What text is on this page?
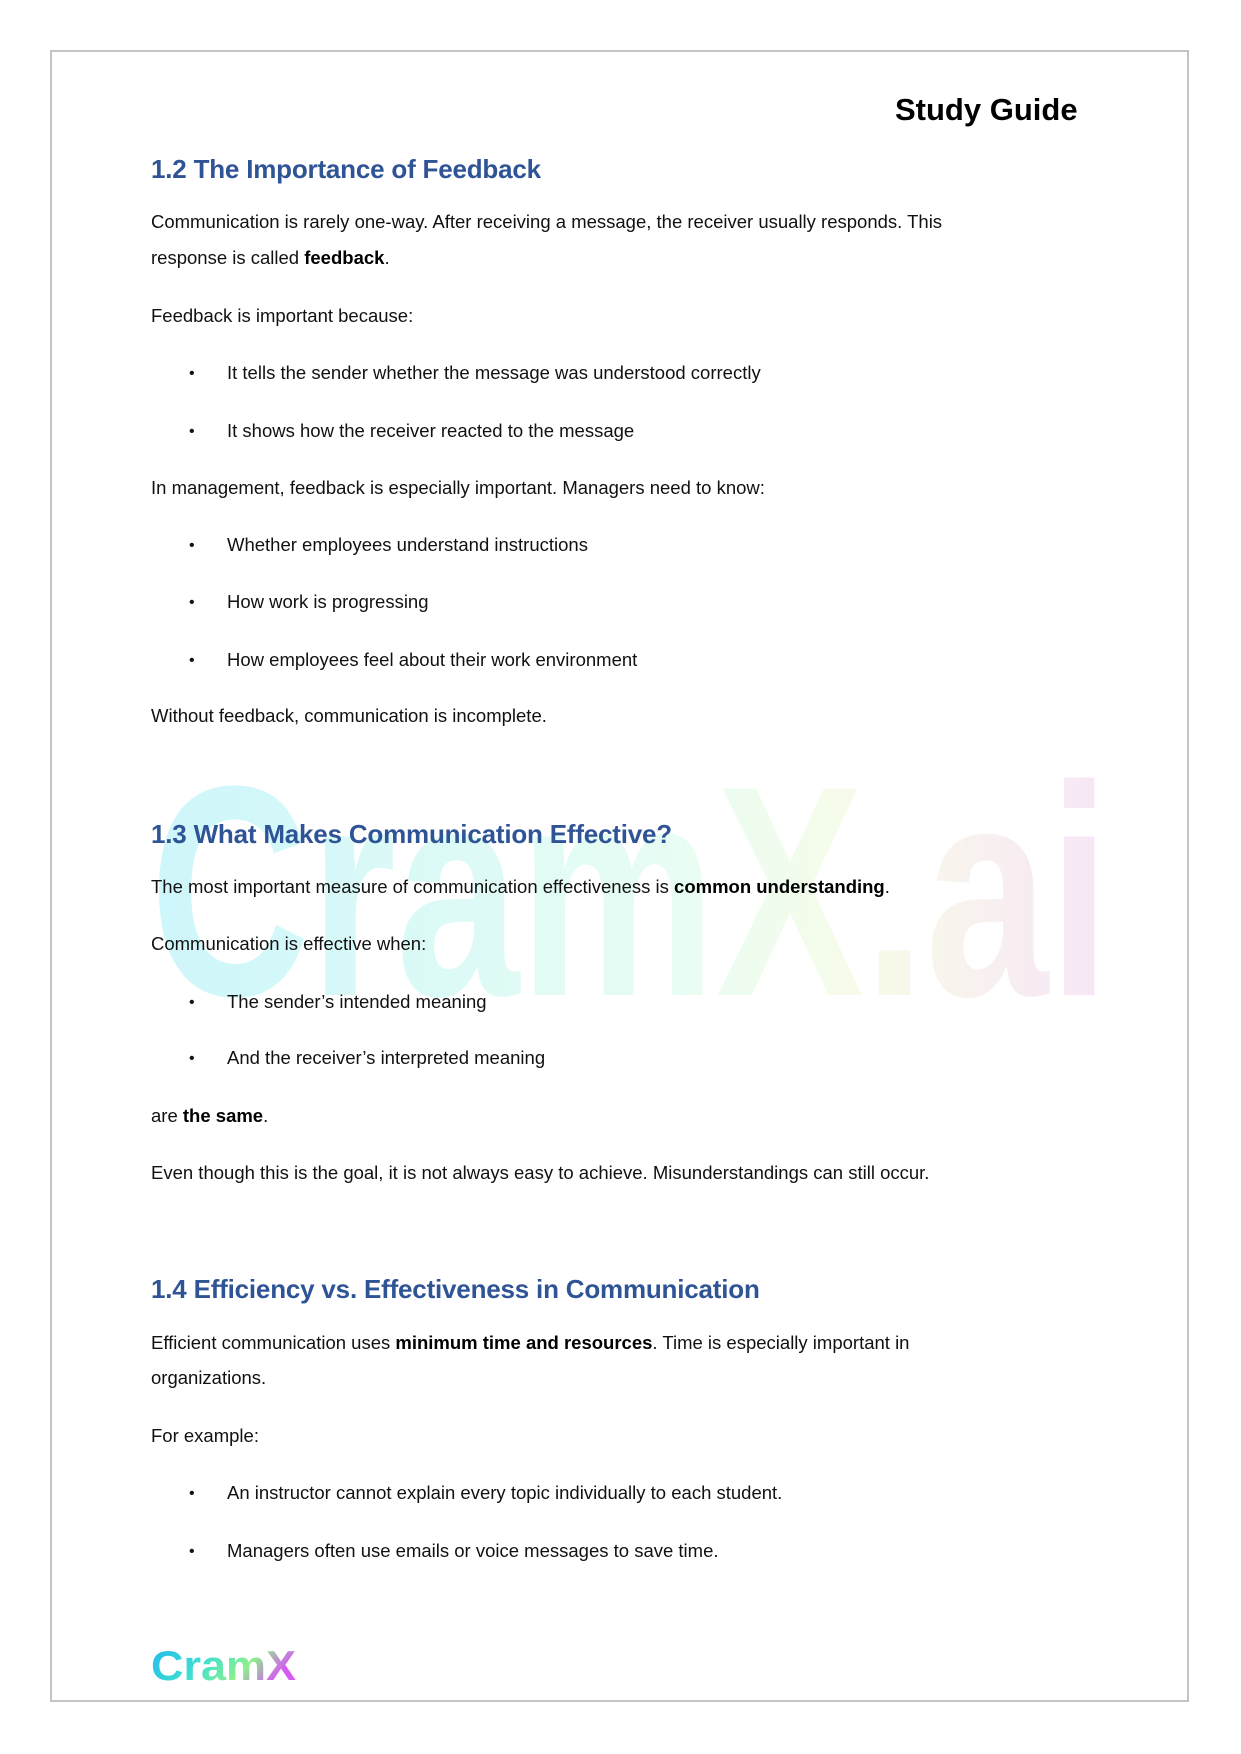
CramX.ai
Study Guide
1.2 The Importance of Feedback
Communication is rarely one-way. After receiving a message, the receiver usually responds. This
response is called feedback.
Feedback is important because:
• It tells the sender whether the message was understood correctly
• It shows how the receiver reacted to the message
In management, feedback is especially important. Managers need to know:
• Whether employees understand instructions
• How work is progressing
• How employees feel about their work environment
Without feedback, communication is incomplete.
1.3 What Makes Communication Effective?
The most important measure of communication effectiveness is common understanding.
Communication is effective when:
• The sender’s intended meaning
• And the receiver’s interpreted meaning
are the same.
Even though this is the goal, it is not always easy to achieve. Misunderstandings can still occur.
1.4 Efficiency vs. Effectiveness in Communication
Efficient communication uses minimum time and resources. Time is especially important in
organizations.
For example:
• An instructor cannot explain every topic individually to each student.
• Managers often use emails or voice messages to save time.
CramX
